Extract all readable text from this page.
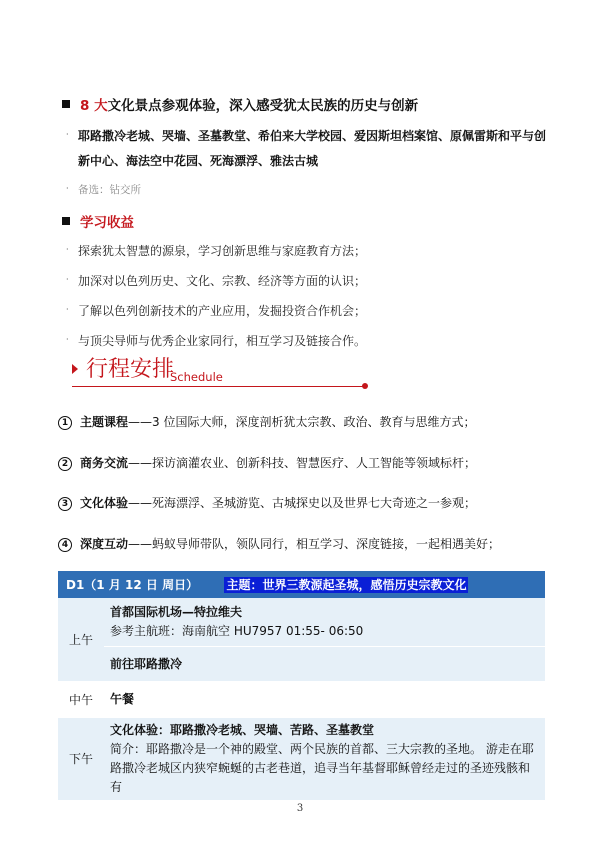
8 大 文化景点参观体验，深入感受犹太民族的历史与创新
· 耶路撒冷老城、哭墙、圣墓教堂、希伯来大学校园、爱因斯坦档案馆、原佩雷斯和平与创新中心、海法空中花园、死海漂浮、雅法古城
· 备选：钻交所
学习收益
· 探索犹太智慧的源泉，学习创新思维与家庭教育方法；
· 加深对以色列历史、文化、宗教、经济等方面的认识；
· 了解以色列创新技术的产业应用，发掘投资合作机会；
· 与顶尖导师与优秀企业家同行，相互学习及链接合作。
行程安排
Schedule
1 主题课程——3 位国际大师，深度剖析犹太宗教、政治、教育与思维方式；
2 商务交流——探访滴灌农业、创新科技、智慧医疗、人工智能等领域标杆；
3 文化体验——死海漂浮、圣城游览、古城探史以及世界七大奇迹之一参观；
4 深度互动——蚂蚁导师带队，领队同行，相互学习、深度链接，一起相遇美好；
D1（1 月 12 日 周日） 主题：世界三教源起圣城，感悟历史宗教文化	
上午	首都国际机场—特拉维夫
参考主航班：海南航空 HU7957 01:55- 06:50

	前往耶路撒冷
中午	午餐
下午	文化体验：耶路撒冷老城、哭墙、苦路、圣墓教堂
简介：耶路撒冷是一个神的殿堂、两个民族的首都、三大宗教的圣地。 游走在耶路撒冷老城区内狭窄蜿蜒的古老巷道，追寻当年基督耶稣曾经走过的圣迹残骸和有
3
